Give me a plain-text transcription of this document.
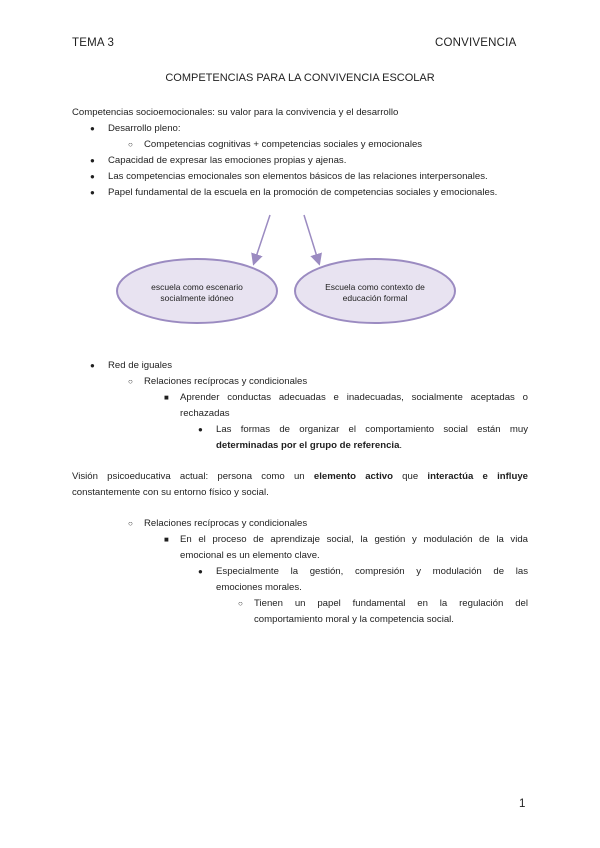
TEMA 3	CONVIVENCIA
COMPETENCIAS PARA LA CONVIVENCIA ESCOLAR
Competencias socioemocionales: su valor para la convivencia y el desarrollo
● Desarrollo pleno:
○ Competencias cognitivas + competencias sociales y emocionales
● Capacidad de expresar las emociones propias y ajenas.
● Las competencias emocionales son elementos básicos de las relaciones interpersonales.
● Papel fundamental de la escuela en la promoción de competencias sociales y emocionales.
escuela como escenario
socialmente idóneo
Escuela como contexto de
educación formal
● Red de iguales
○ Relaciones recíprocas y condicionales
■ Aprender conductas adecuadas e inadecuadas, socialmente aceptadas o
rechazadas
● Las formas de organizar el comportamiento social están muy
determinadas por el grupo de referencia.
Visión psicoeducativa actual: persona como un elemento activo que interactúa e influye
constantemente con su entorno físico y social.
○ Relaciones recíprocas y condicionales
■ En el proceso de aprendizaje social, la gestión y modulación de la vida
emocional es un elemento clave.
● Especialmente la gestión, compresión y modulación de las
emociones morales.
○ Tienen un papel fundamental en la regulación del
comportamiento moral y la competencia social.
1
